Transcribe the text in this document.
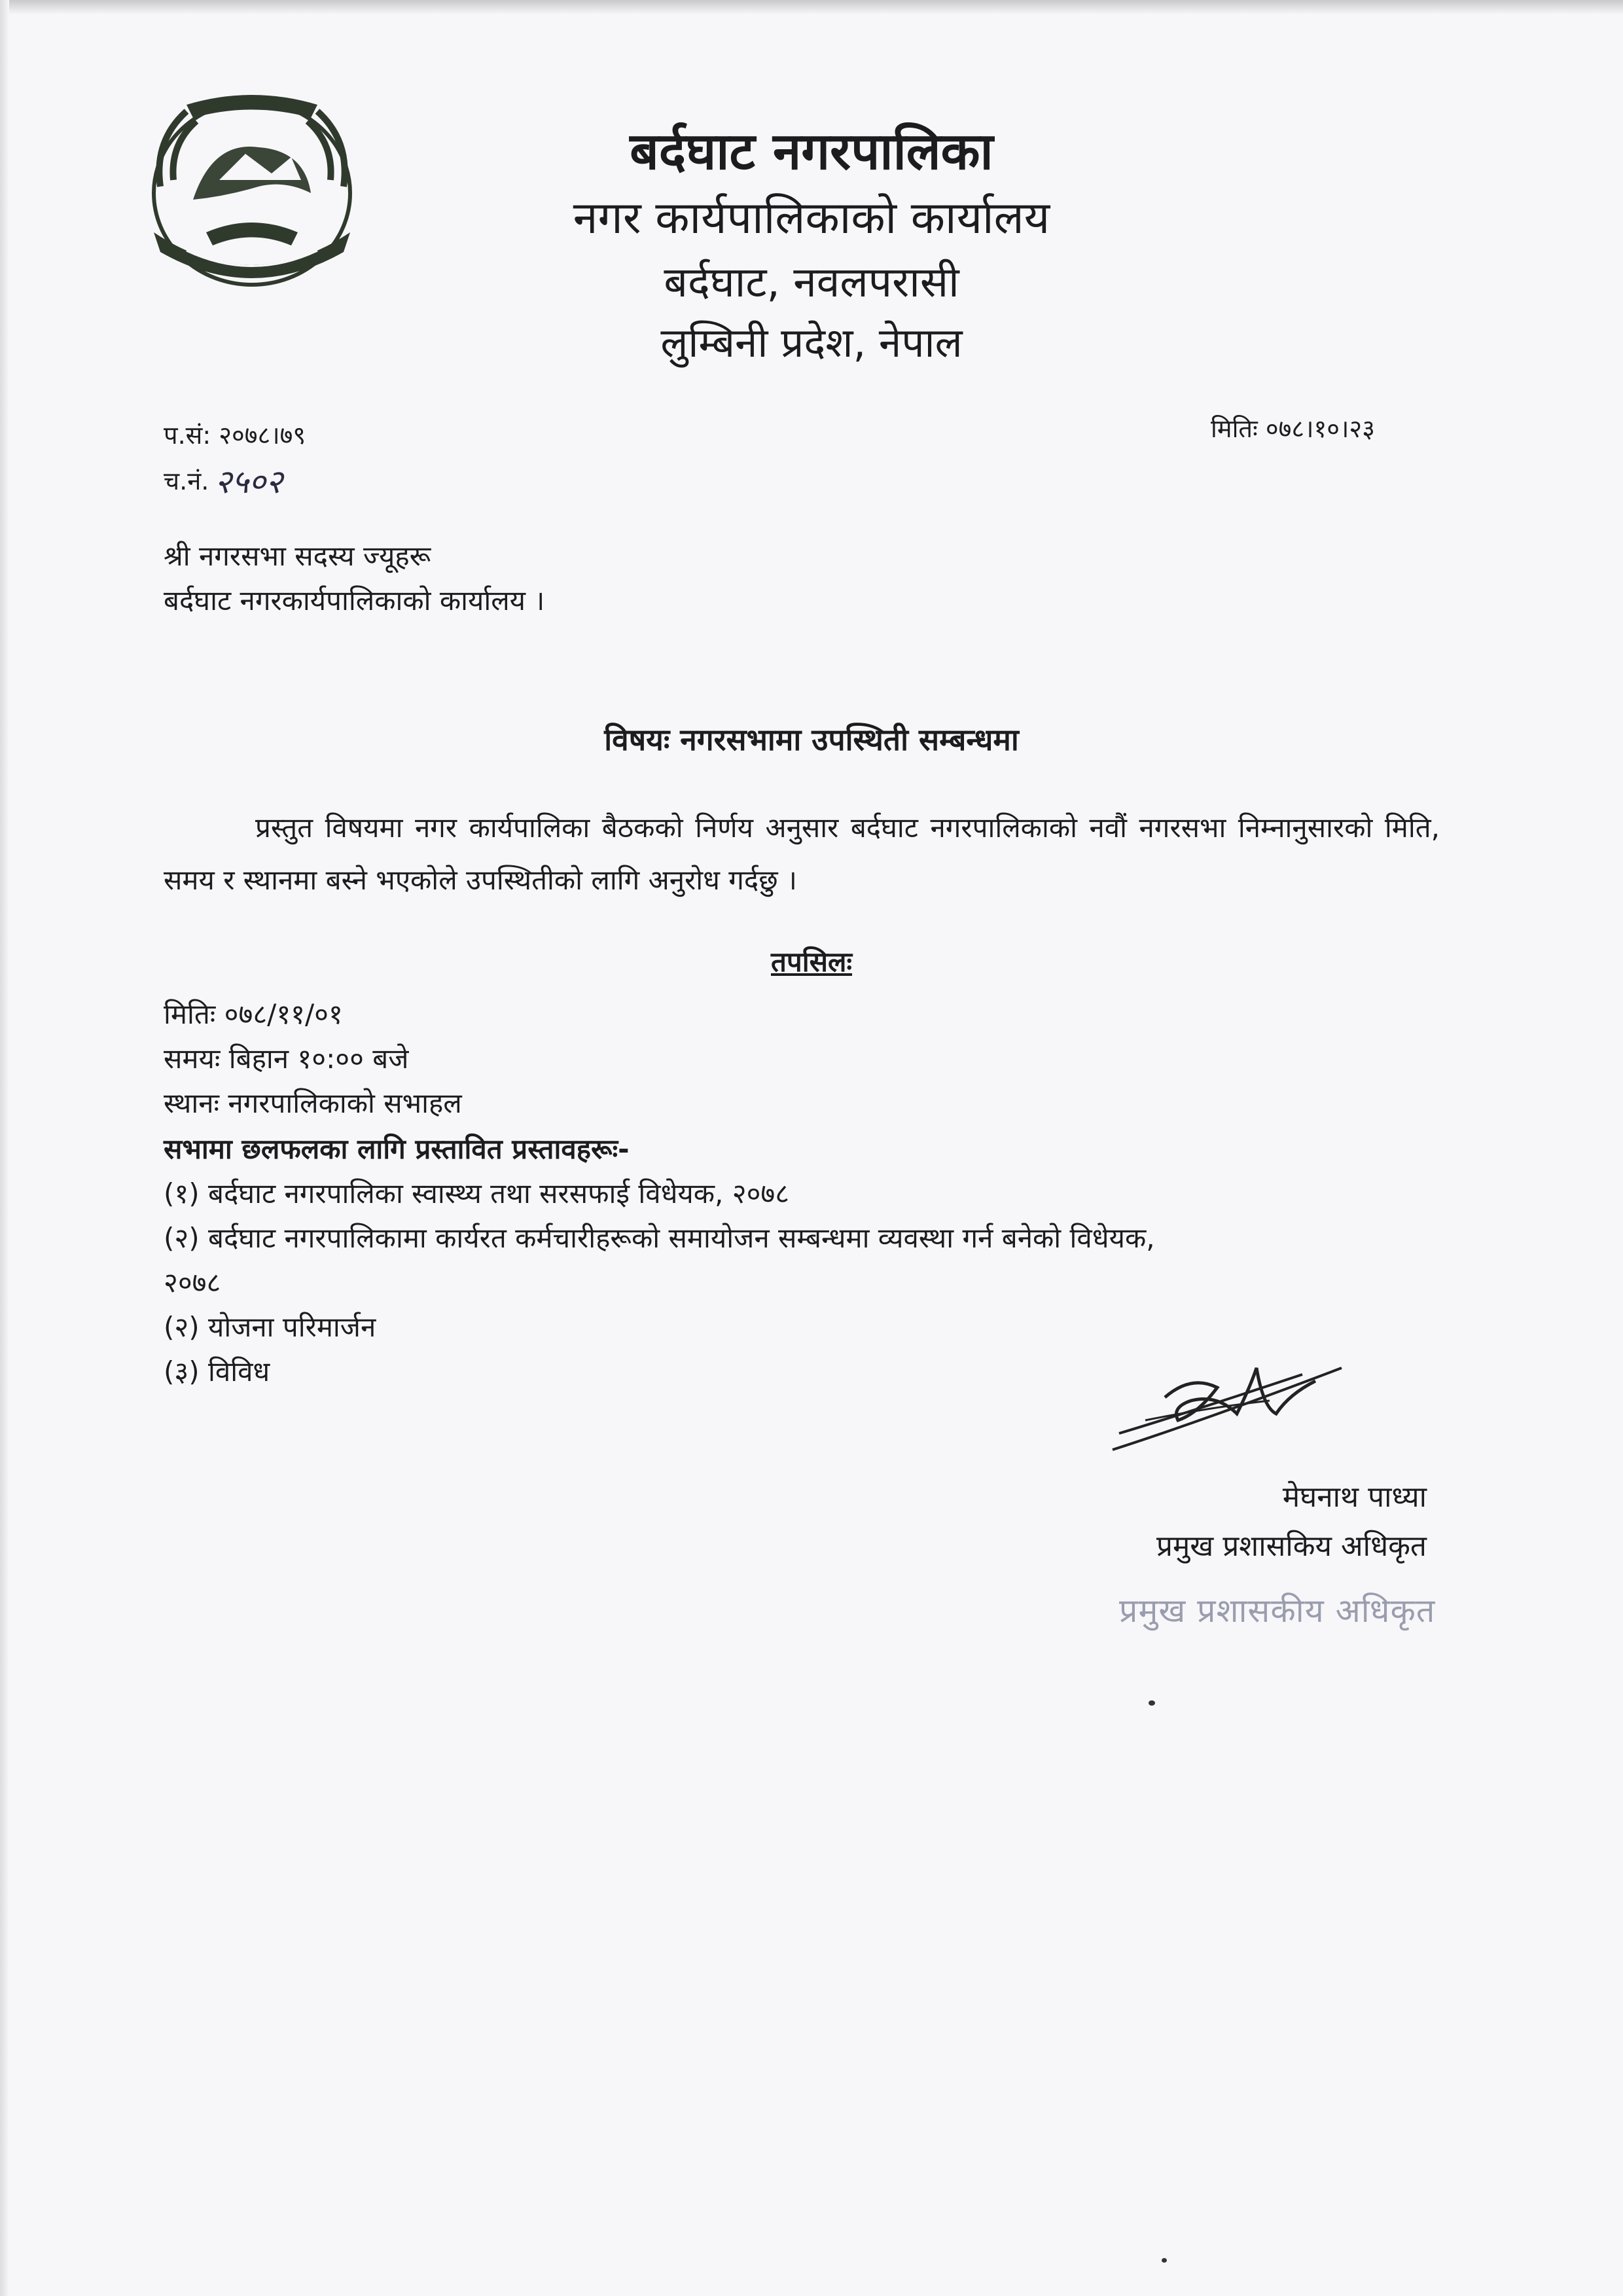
बर्दघाट नगरपालिका
नगर कार्यपालिकाको कार्यालय
बर्दघाट, नवलपरासी
लुम्बिनी प्रदेश, नेपाल
प.सं: २०७८।७९
च.नं. २५०२
मितिः ०७८।१०।२३
श्री नगरसभा सदस्य ज्यूहरू
बर्दघाट नगरकार्यपालिकाको कार्यालय ।
विषयः नगरसभामा उपस्थिती सम्बन्धमा
प्रस्तुत विषयमा नगर कार्यपालिका बैठकको निर्णय अनुसार बर्दघाट नगरपालिकाको नवौं नगरसभा निम्नानुसारको मिति, समय र स्थानमा बस्ने भएकोले उपस्थितीको लागि अनुरोध गर्दछु ।
तपसिलः
मितिः ०७८/११/०१
समयः बिहान १०:०० बजे
स्थानः नगरपालिकाको सभाहल
सभामा छलफलका लागि प्रस्तावित प्रस्तावहरूः-
(१) बर्दघाट नगरपालिका स्वास्थ्य तथा सरसफाई विधेयक, २०७८
(२) बर्दघाट नगरपालिकामा कार्यरत कर्मचारीहरूको समायोजन सम्बन्धमा व्यवस्था गर्न बनेको विधेयक,
२०७८
(२) योजना परिमार्जन
(३) विविध
मेघनाथ पाध्या
प्रमुख प्रशासकिय अधिकृत
प्रमुख प्रशासकीय अधिकृत
